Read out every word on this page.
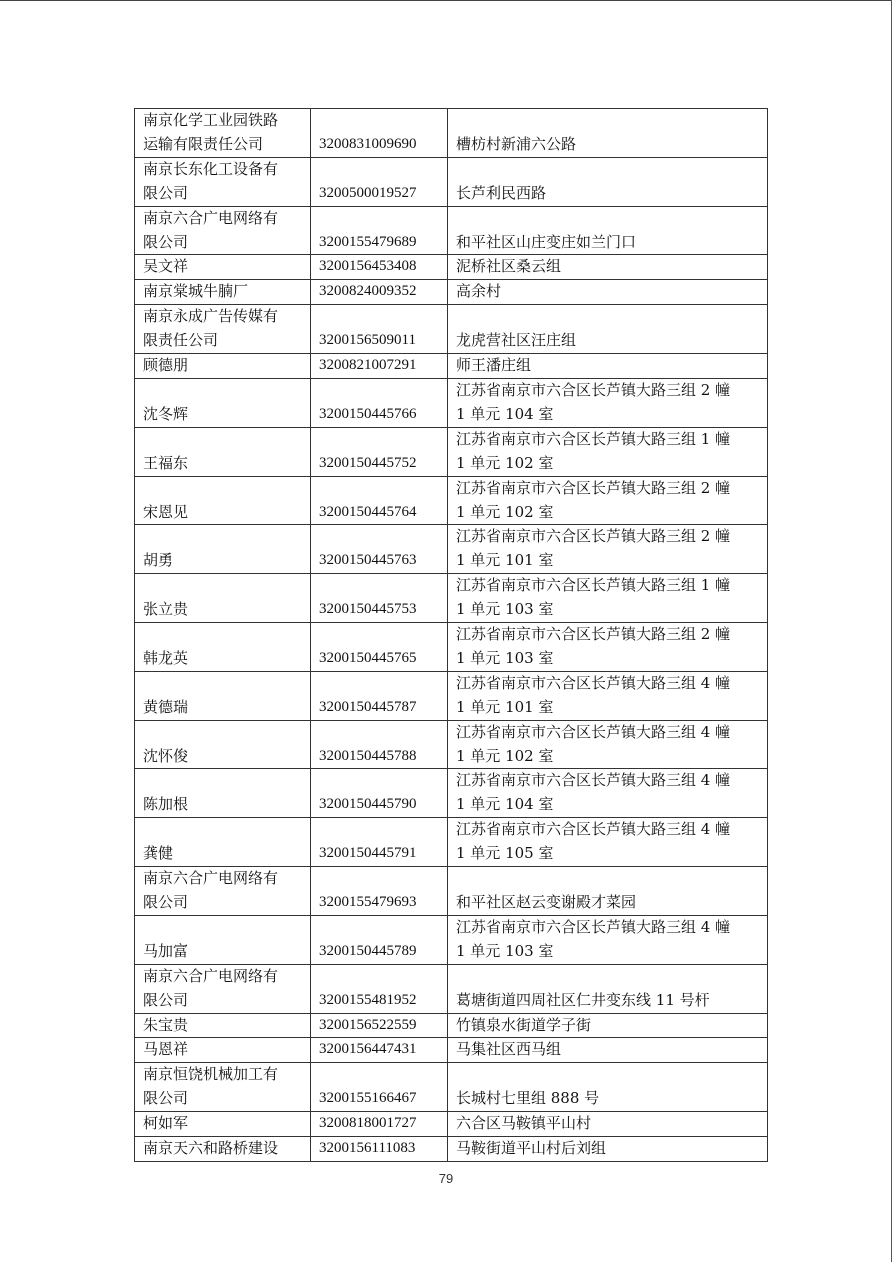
南京化学工业园铁路
运输有限责任公司	3200831009690	槽枋村新浦六公路
南京长东化工设备有
限公司	3200500019527	长芦利民西路
南京六合广电网络有
限公司	3200155479689	和平社区山庄变庄如兰门口
吴文祥	3200156453408	泥桥社区桑云组
南京棠城牛腩厂	3200824009352	高余村
南京永成广告传媒有
限责任公司	3200156509011	龙虎营社区汪庄组
顾德朋	3200821007291	师王潘庄组
沈冬辉	3200150445766	江苏省南京市六合区长芦镇大路三组 2 幢
1 单元 104 室
王福东	3200150445752	江苏省南京市六合区长芦镇大路三组 1 幢
1 单元 102 室
宋恩见	3200150445764	江苏省南京市六合区长芦镇大路三组 2 幢
1 单元 102 室
胡勇	3200150445763	江苏省南京市六合区长芦镇大路三组 2 幢
1 单元 101 室
张立贵	3200150445753	江苏省南京市六合区长芦镇大路三组 1 幢
1 单元 103 室
韩龙英	3200150445765	江苏省南京市六合区长芦镇大路三组 2 幢
1 单元 103 室
黄德瑞	3200150445787	江苏省南京市六合区长芦镇大路三组 4 幢
1 单元 101 室
沈怀俊	3200150445788	江苏省南京市六合区长芦镇大路三组 4 幢
1 单元 102 室
陈加根	3200150445790	江苏省南京市六合区长芦镇大路三组 4 幢
1 单元 104 室
龚健	3200150445791	江苏省南京市六合区长芦镇大路三组 4 幢
1 单元 105 室
南京六合广电网络有
限公司	3200155479693	和平社区赵云变谢殿才菜园
马加富	3200150445789	江苏省南京市六合区长芦镇大路三组 4 幢
1 单元 103 室
南京六合广电网络有
限公司	3200155481952	葛塘街道四周社区仁井变东线 11 号杆
朱宝贵	3200156522559	竹镇泉水街道学子街
马恩祥	3200156447431	马集社区西马组
南京恒饶机械加工有
限公司	3200155166467	长城村七里组 888 号
柯如军	3200818001727	六合区马鞍镇平山村
南京天六和路桥建设	3200156111083	马鞍街道平山村后刘组
79
